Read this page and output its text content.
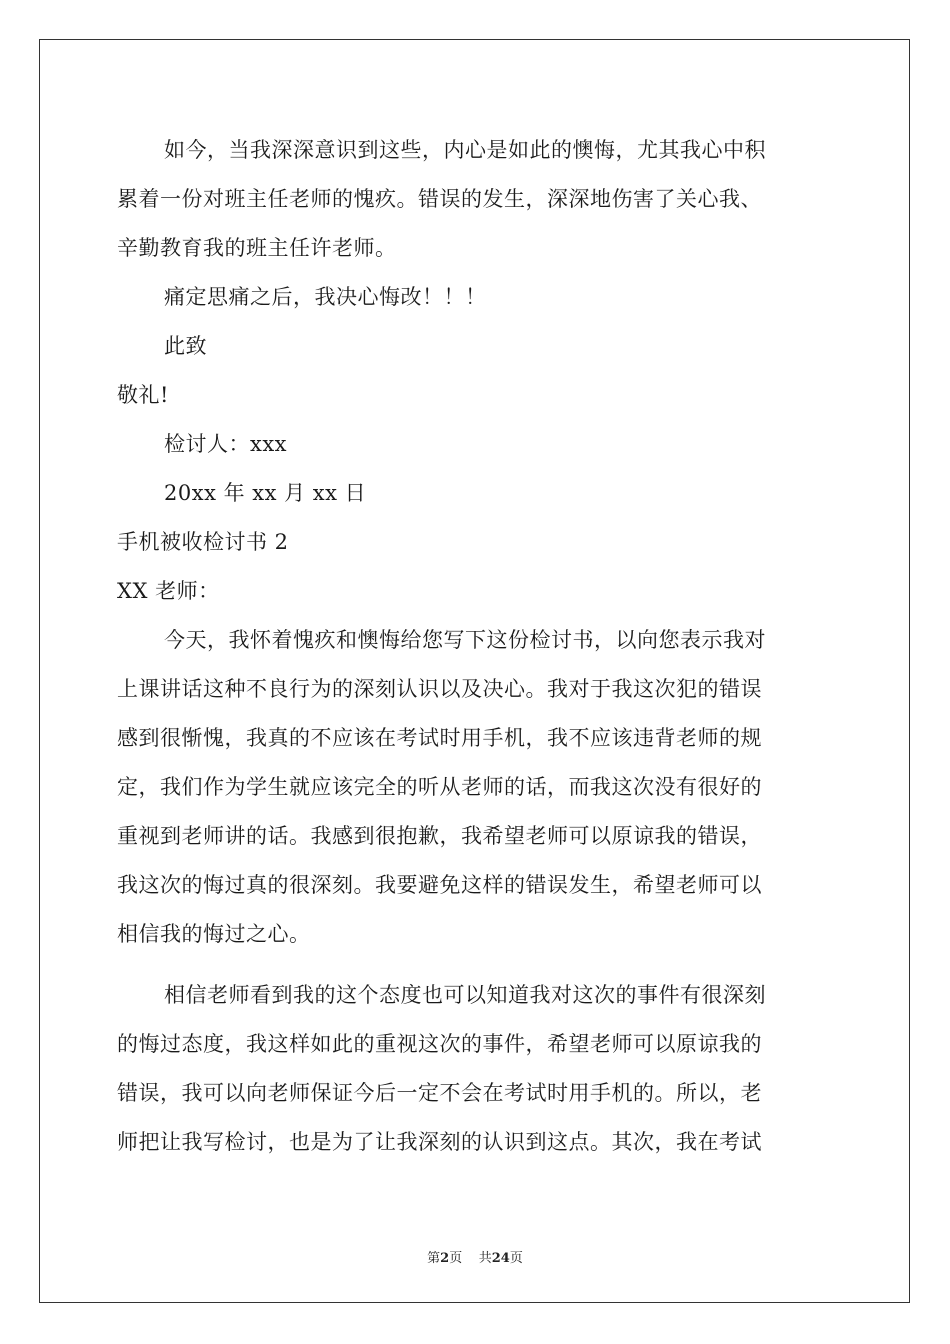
如今，当我深深意识到这些，内心是如此的懊悔，尤其我心中积
累着一份对班主任老师的愧疚。错误的发生，深深地伤害了关心我、
辛勤教育我的班主任许老师。
痛定思痛之后，我决心悔改！！！
此致
敬礼!
检讨人：xxx
20xx 年 xx 月 xx 日
手机被收检讨书 2
XX 老师：
今天，我怀着愧疚和懊悔给您写下这份检讨书，以向您表示我对
上课讲话这种不良行为的深刻认识以及决心。我对于我这次犯的错误
感到很惭愧，我真的不应该在考试时用手机，我不应该违背老师的规
定，我们作为学生就应该完全的听从老师的话，而我这次没有很好的
重视到老师讲的话。我感到很抱歉，我希望老师可以原谅我的错误，
我这次的悔过真的很深刻。我要避免这样的错误发生，希望老师可以
相信我的悔过之心。
相信老师看到我的这个态度也可以知道我对这次的事件有很深刻
的悔过态度，我这样如此的重视这次的事件，希望老师可以原谅我的
错误，我可以向老师保证今后一定不会在考试时用手机的。所以，老
师把让我写检讨，也是为了让我深刻的认识到这点。其次，我在考试
第2页 共24页
